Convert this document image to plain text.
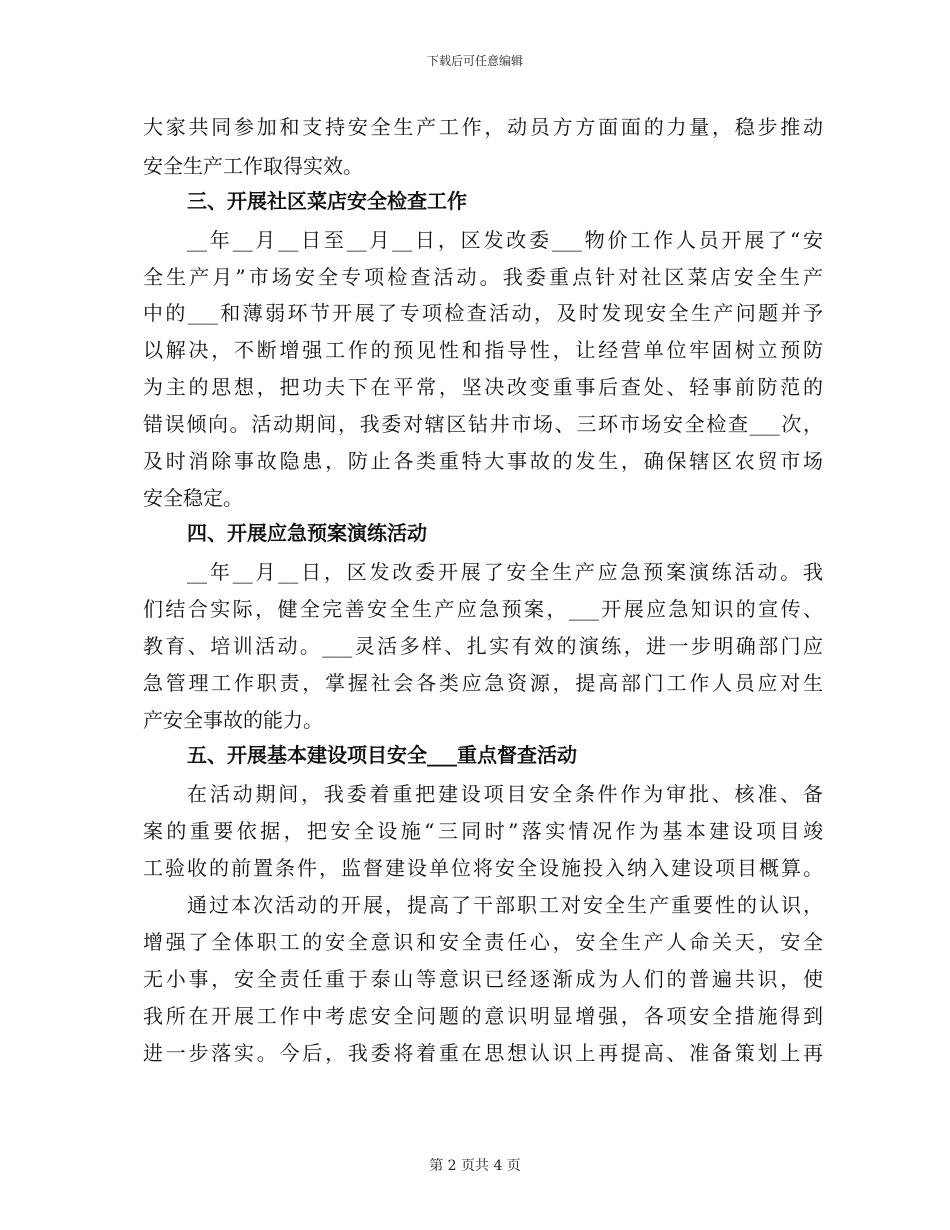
下载后可任意编辑
大家共同参加和支持安全生产工作，动员方方面面的力量，稳步推动
安全生产工作取得实效。
三、开展社区菜店安全检查工作
__年__月__日至__月__日，区发改委___物价工作人员开展了“安
全生产月”市场安全专项检查活动。我委重点针对社区菜店安全生产
中的___和薄弱环节开展了专项检查活动，及时发现安全生产问题并予
以解决，不断增强工作的预见性和指导性，让经营单位牢固树立预防
为主的思想，把功夫下在平常，坚决改变重事后查处、轻事前防范的
错误倾向。活动期间，我委对辖区钻井市场、三环市场安全检查___次，
及时消除事故隐患，防止各类重特大事故的发生，确保辖区农贸市场
安全稳定。
四、开展应急预案演练活动
__年__月__日，区发改委开展了安全生产应急预案演练活动。我
们结合实际，健全完善安全生产应急预案，___开展应急知识的宣传、
教育、培训活动。___灵活多样、扎实有效的演练，进一步明确部门应
急管理工作职责，掌握社会各类应急资源，提高部门工作人员应对生
产安全事故的能力。
五、开展基本建设项目安全___重点督查活动
在活动期间，我委着重把建设项目安全条件作为审批、核准、备
案的重要依据，把安全设施“三同时”落实情况作为基本建设项目竣
工验收的前置条件，监督建设单位将安全设施投入纳入建设项目概算。
通过本次活动的开展，提高了干部职工对安全生产重要性的认识，
增强了全体职工的安全意识和安全责任心，安全生产人命关天，安全
无小事，安全责任重于泰山等意识已经逐渐成为人们的普遍共识，使
我所在开展工作中考虑安全问题的意识明显增强，各项安全措施得到
进一步落实。今后，我委将着重在思想认识上再提高、准备策划上再
第 2 页共 4 页
